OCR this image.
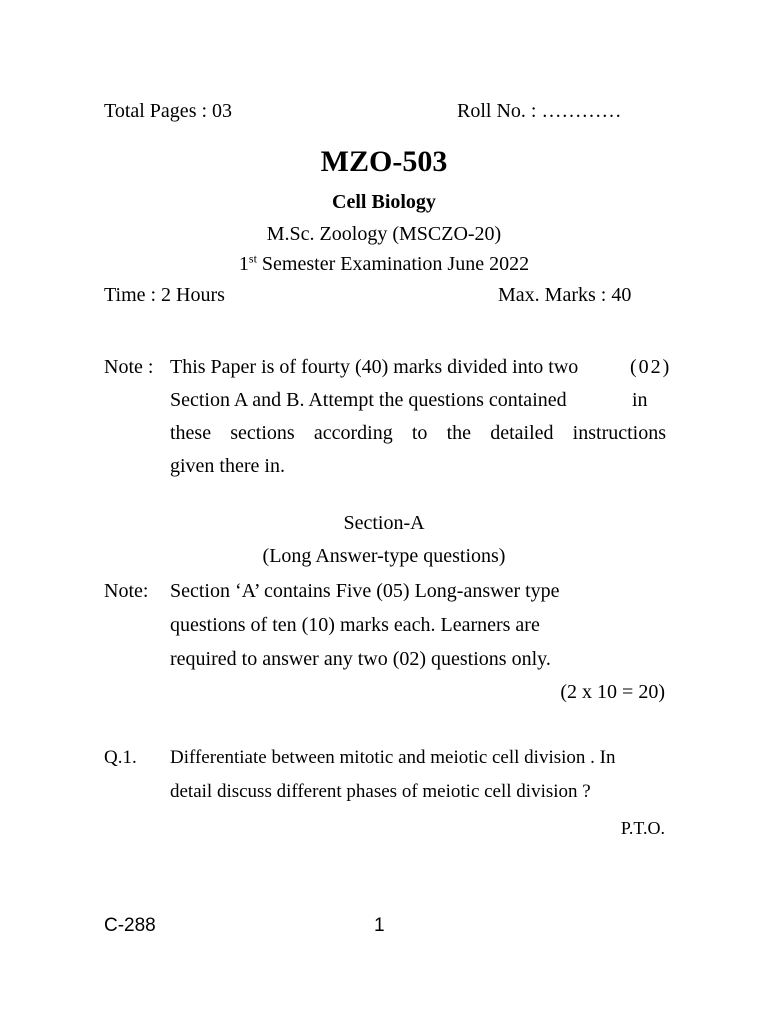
Total Pages : 03	Roll No. : …………
MZO-503
Cell Biology
M.Sc. Zoology (MSCZO-20)
1st Semester Examination June 2022
Time : 2 Hours	Max. Marks : 40
Note : This Paper is of fourty (40) marks divided into two	(02)
Section A and B. Attempt the questions contained	in
these sections according to the detailed instructions
given there in.
Section-A
(Long Answer-type questions)
Note: Section ‘A’ contains Five (05) Long-answer type
questions of ten (10) marks each. Learners are
required to answer any two (02) questions only.
(2 x 10 = 20)
Q.1. Differentiate between mitotic and meiotic cell division . In
detail discuss different phases of meiotic cell division ?
P.T.O.
C-288	1
